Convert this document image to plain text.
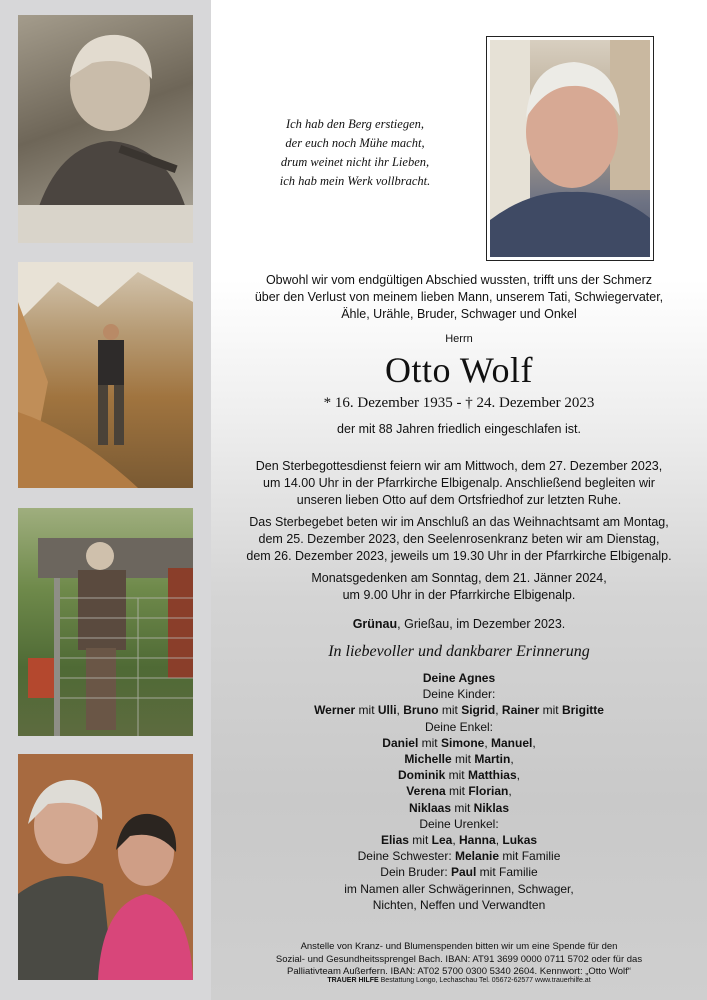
Ich hab den Berg erstiegen,
der euch noch Mühe macht,
drum weinet nicht ihr Lieben,
ich hab mein Werk vollbracht.
Obwohl wir vom endgültigen Abschied wussten, trifft uns der Schmerz
über den Verlust von meinem lieben Mann, unserem Tati, Schwiegervater,
Ähle, Urähle, Bruder, Schwager und Onkel
Herrn
Otto Wolf
* 16. Dezember 1935 - † 24. Dezember 2023
der mit 88 Jahren friedlich eingeschlafen ist.
Den Sterbegottesdienst feiern wir am Mittwoch, dem 27. Dezember 2023,
um 14.00 Uhr in der Pfarrkirche Elbigenalp. Anschließend begleiten wir
unseren lieben Otto auf dem Ortsfriedhof zur letzten Ruhe.
Das Sterbegebet beten wir im Anschluß an das Weihnachtsamt am Montag,
dem 25. Dezember 2023, den Seelenrosenkranz beten wir am Dienstag,
dem 26. Dezember 2023, jeweils um 19.30 Uhr in der Pfarrkirche Elbigenalp.
Monatsgedenken am Sonntag, dem 21. Jänner 2024,
um 9.00 Uhr in der Pfarrkirche Elbigenalp.
Grünau, Grießau, im Dezember 2023.
In liebevoller und dankbarer Erinnerung
Deine Agnes
Deine Kinder:
Werner mit Ulli, Bruno mit Sigrid, Rainer mit Brigitte
Deine Enkel:
Daniel mit Simone, Manuel,
Michelle mit Martin,
Dominik mit Matthias,
Verena mit Florian,
Niklaas mit Niklas
Deine Urenkel:
Elias mit Lea, Hanna, Lukas
Deine Schwester: Melanie mit Familie
Dein Bruder: Paul mit Familie
im Namen aller Schwägerinnen, Schwager,
Nichten, Neffen und Verwandten
Anstelle von Kranz- und Blumenspenden bitten wir um eine Spende für den
Sozial- und Gesundheitssprengel Bach. IBAN: AT91 3699 0000 0711 5702 oder für das
Palliativteam Außerfern. IBAN: AT02 5700 0300 5340 2604. Kennwort: „Otto Wolf“
TRAUER HILFE Bestattung Longo, Lechaschau Tel. 05672-62577 www.trauerhilfe.at
